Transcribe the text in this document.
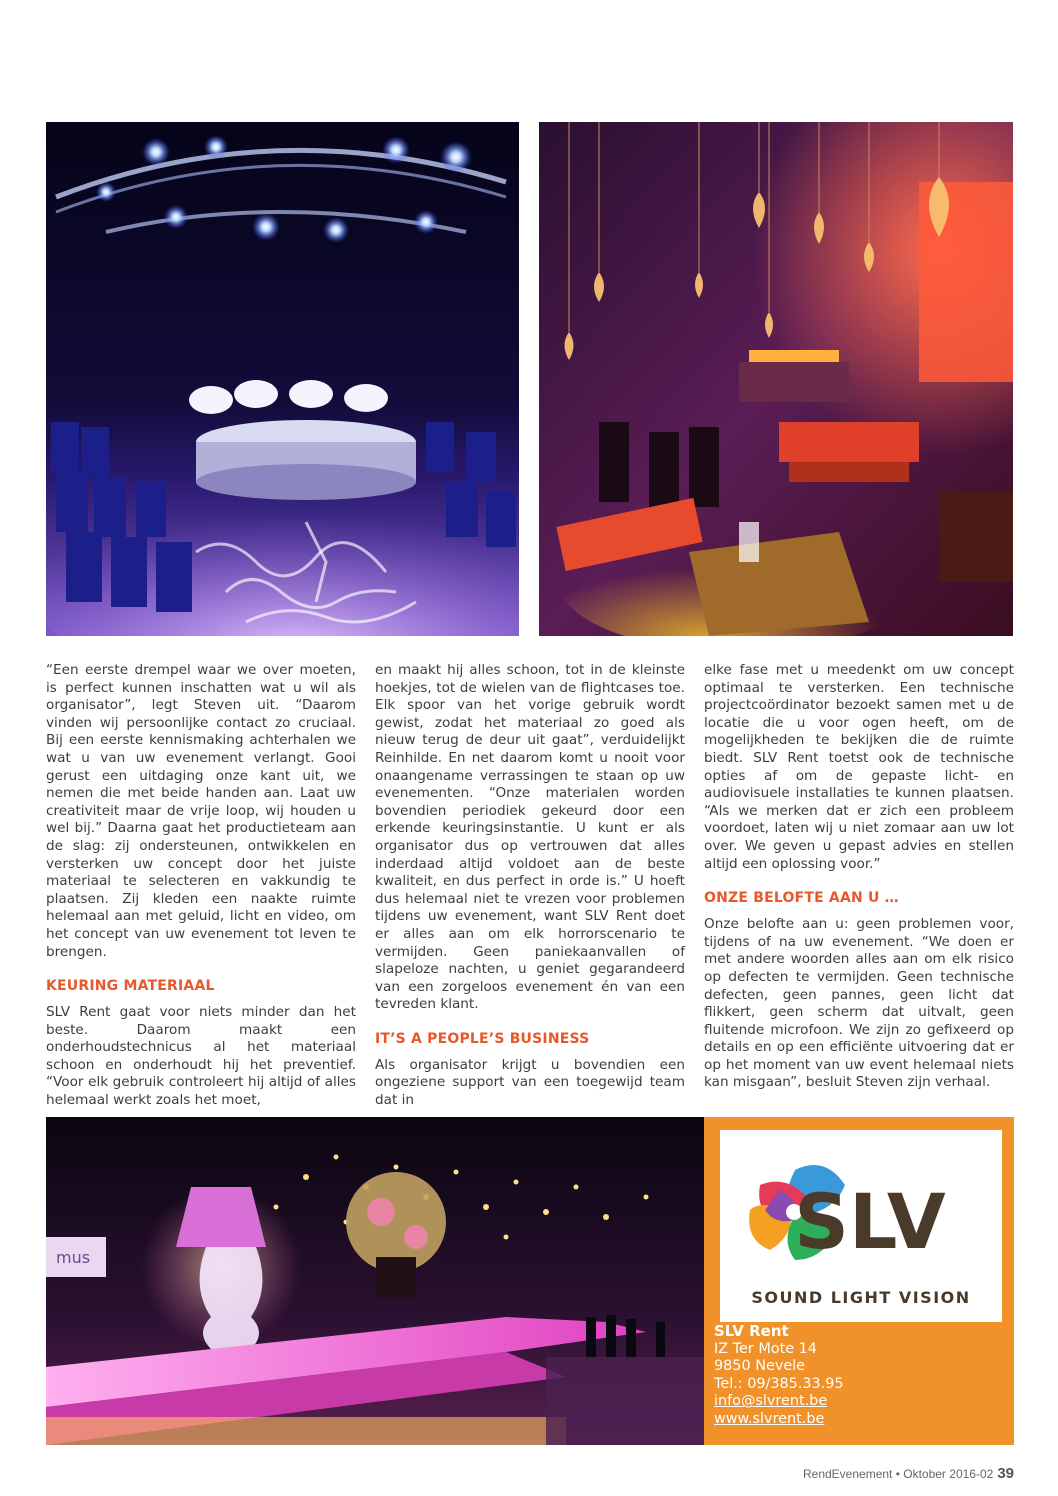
“Een eerste drempel waar we over moeten, is perfect kunnen inschatten wat u wil als organisator”, legt Steven uit. “Daarom vinden wij persoonlijke contact zo cruciaal. Bij een eerste kennismaking achterhalen we wat u van uw evenement verlangt. Gooi gerust een uitdaging onze kant uit, we nemen die met beide handen aan. Laat uw creativiteit maar de vrije loop, wij houden u wel bij.” Daarna gaat het productieteam aan de slag: zij ondersteunen, ontwikkelen en versterken uw concept door het juiste materiaal te selecteren en vakkundig te plaatsen. Zij kleden een naakte ruimte helemaal aan met geluid, licht en video, om het concept van uw evenement tot leven te brengen.

KEURING MATERIAAL

SLV Rent gaat voor niets minder dan het beste. Daarom maakt een onderhoudstechnicus al het materiaal schoon en onderhoudt hij het preventief. “Voor elk gebruik controleert hij altijd of alles helemaal werkt zoals het moet,

en maakt hij alles schoon, tot in de kleinste hoekjes, tot de wielen van de flightcases toe. Elk spoor van het vorige gebruik wordt gewist, zodat het materiaal zo goed als nieuw terug de deur uit gaat”, verduidelijkt Reinhilde. En net daarom komt u nooit voor onaangename verrassingen te staan op uw evenementen. “Onze materialen worden bovendien periodiek gekeurd door een erkende keuringsinstantie. U kunt er als organisator dus op vertrouwen dat alles inderdaad altijd voldoet aan de beste kwaliteit, en dus perfect in orde is.” U hoeft dus helemaal niet te vrezen voor problemen tijdens uw evenement, want SLV Rent doet er alles aan om elk horrorscenario te vermijden. Geen paniekaanvallen of slapeloze nachten, u geniet gegarandeerd van een zorgeloos evenement én van een tevreden klant.

IT’S A PEOPLE’S BUSINESS

Als organisator krijgt u bovendien een ongeziene support van een toegewijd team dat in

elke fase met u meedenkt om uw concept optimaal te versterken. Een technische projectcoördinator bezoekt samen met u de locatie die u voor ogen heeft, om de mogelijkheden te bekijken die de ruimte biedt. SLV Rent toetst ook de technische opties af om de gepaste licht- en audiovisuele installaties te kunnen plaatsen. “Als we merken dat er zich een probleem voordoet, laten wij u niet zomaar aan uw lot over. We geven u gepast advies en stellen altijd een oplossing voor.”

ONZE BELOFTE AAN U …

Onze belofte aan u: geen problemen voor, tijdens of na uw evenement. “We doen er met andere woorden alles aan om elk risico op defecten te vermijden. Geen technische defecten, geen pannes, geen licht dat flikkert, geen scherm dat uitvalt, geen fluitende microfoon. We zijn zo gefixeerd op details en op een efficiënte uitvoering dat er op het moment van uw event helemaal niets kan misgaan”, besluit Steven zijn verhaal.

mus	SLV
SOUND LIGHT VISION
SLV Rent
IZ Ter Mote 14
9850 Nevele
Tel.: 09/385.33.95
info@slvrent.be
www.slvrent.be
RendEvenement • Oktober 2016-02 39
